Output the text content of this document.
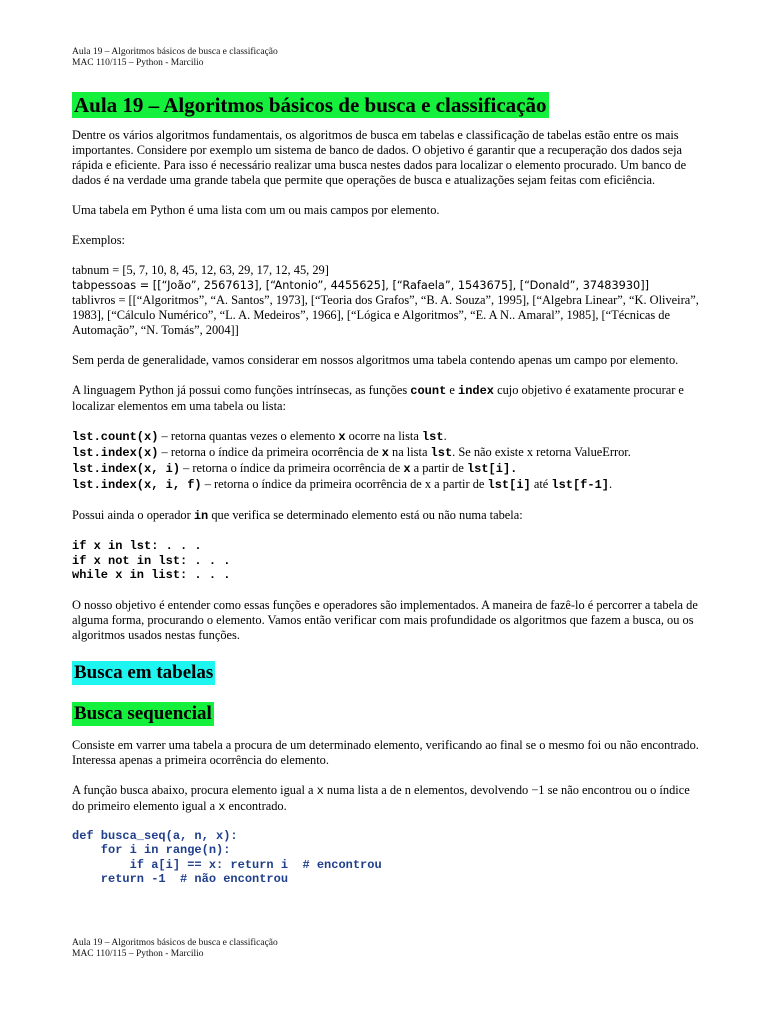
Aula 19 – Algoritmos básicos de busca e classificação
MAC 110/115 – Python - Marcilio
Aula 19 – Algoritmos básicos de busca e classificação

Dentre os vários algoritmos fundamentais, os algoritmos de busca em tabelas e classificação de tabelas estão entre os mais importantes. Considere por exemplo um sistema de banco de dados. O objetivo é garantir que a recuperação dos dados seja rápida e eficiente. Para isso é necessário realizar uma busca nestes dados para localizar o elemento procurado. Um banco de dados é na verdade uma grande tabela que permite que operações de busca e atualizações sejam feitas com eficiência.

Uma tabela em Python é uma lista com um ou mais campos por elemento.

Exemplos:

tabnum = [5, 7, 10, 8, 45, 12, 63, 29, 17, 12, 45, 29]

tabpessoas = [[“João”, 2567613], [“Antonio”, 4455625], [“Rafaela”, 1543675], [“Donald”, 37483930]]

tablivros = [[“Algoritmos”, “A. Santos”, 1973], [“Teoria dos Grafos”, “B. A. Souza”, 1995], [“Algebra Linear”, “K. Oliveira”, 1983], [“Cálculo Numérico”, “L. A. Medeiros”, 1966], [“Lógica e Algoritmos”, “E. A N.. Amaral”, 1985], [“Técnicas de Automação”, “N. Tomás”, 2004]]

Sem perda de generalidade, vamos considerar em nossos algoritmos uma tabela contendo apenas um campo por elemento.

A linguagem Python já possui como funções intrínsecas, as funções count e index cujo objetivo é exatamente procurar e localizar elementos em uma tabela ou lista:

lst.count(x) – retorna quantas vezes o elemento x ocorre na lista lst.
lst.index(x) – retorna o índice da primeira ocorrência de x na lista lst. Se não existe x retorna ValueError.
lst.index(x, i) – retorna o índice da primeira ocorrência de x a partir de lst[i].
lst.index(x, i, f) – retorna o índice da primeira ocorrência de x a partir de lst[i] até lst[f-1].

Possui ainda o operador in que verifica se determinado elemento está ou não numa tabela:

if x in lst: . . .
if x not in lst: . . .
while x in list: . . .

O nosso objetivo é entender como essas funções e operadores são implementados. A maneira de fazê-lo é percorrer a tabela de alguma forma, procurando o elemento. Vamos então verificar com mais profundidade os algoritmos que fazem a busca, ou os algoritmos usados nestas funções.

Busca em tabelas
Busca sequencial

Consiste em varrer uma tabela a procura de um determinado elemento, verificando ao final se o mesmo foi ou não encontrado. Interessa apenas a primeira ocorrência do elemento.

A função busca abaixo, procura elemento igual a x numa lista a de n elementos, devolvendo −1 se não encontrou ou o índice do primeiro elemento igual a x encontrado.

def busca_seq(a, n, x):
for i in range(n):
if a[i] == x: return i  # encontrou
return -1  # não encontrou
Aula 19 – Algoritmos básicos de busca e classificação
MAC 110/115 – Python - Marcilio
